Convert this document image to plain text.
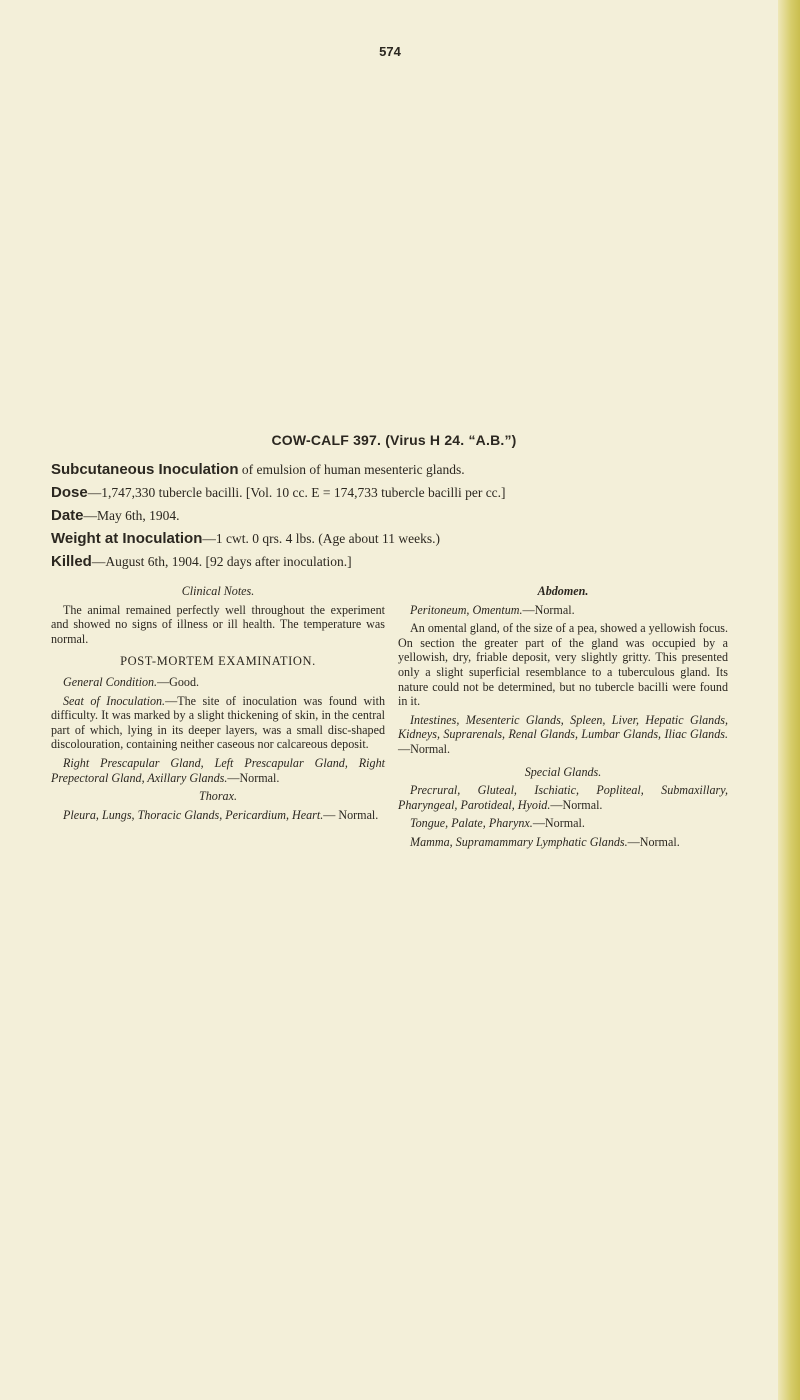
574
COW-CALF 397. (Virus H 24. “A.B.”)
Subcutaneous Inoculation of emulsion of human mesenteric glands.
Dose—1,747,330 tubercle bacilli. [Vol. 10 cc. E = 174,733 tubercle bacilli per cc.]
Date—May 6th, 1904.
Weight at Inoculation—1 cwt. 0 qrs. 4 lbs. (Age about 11 weeks.)
Killed—August 6th, 1904. [92 days after inoculation.]

Clinical Notes.

The animal remained perfectly well throughout the experiment and showed no signs of illness or ill health. The temperature was normal.

POST-MORTEM EXAMINATION.

General Condition.—Good.

Seat of Inoculation.—The site of inoculation was found with difficulty. It was marked by a slight thickening of skin, in the central part of which, lying in its deeper layers, was a small disc-shaped discolouration, containing neither caseous nor calcareous deposit.

Right Prescapular Gland, Left Prescapular Gland, Right Prepectoral Gland, Axillary Glands.—Normal.

Thorax.

Pleura, Lungs, Thoracic Glands, Pericardium, Heart.— Normal.

Abdomen.

Peritoneum, Omentum.—Normal.

An omental gland, of the size of a pea, showed a yellowish focus. On section the greater part of the gland was occupied by a yellowish, dry, friable deposit, very slightly gritty. This presented only a slight superficial resemblance to a tuberculous gland. Its nature could not be determined, but no tubercle bacilli were found in it.

Intestines, Mesenteric Glands, Spleen, Liver, Hepatic Glands, Kidneys, Suprarenals, Renal Glands, Lumbar Glands, Iliac Glands.—Normal.

Special Glands.

Precrural, Gluteal, Ischiatic, Popliteal, Submaxillary, Pharyngeal, Parotideal, Hyoid.—Normal.

Tongue, Palate, Pharynx.—Normal.

Mamma, Supramammary Lymphatic Glands.—Normal.
